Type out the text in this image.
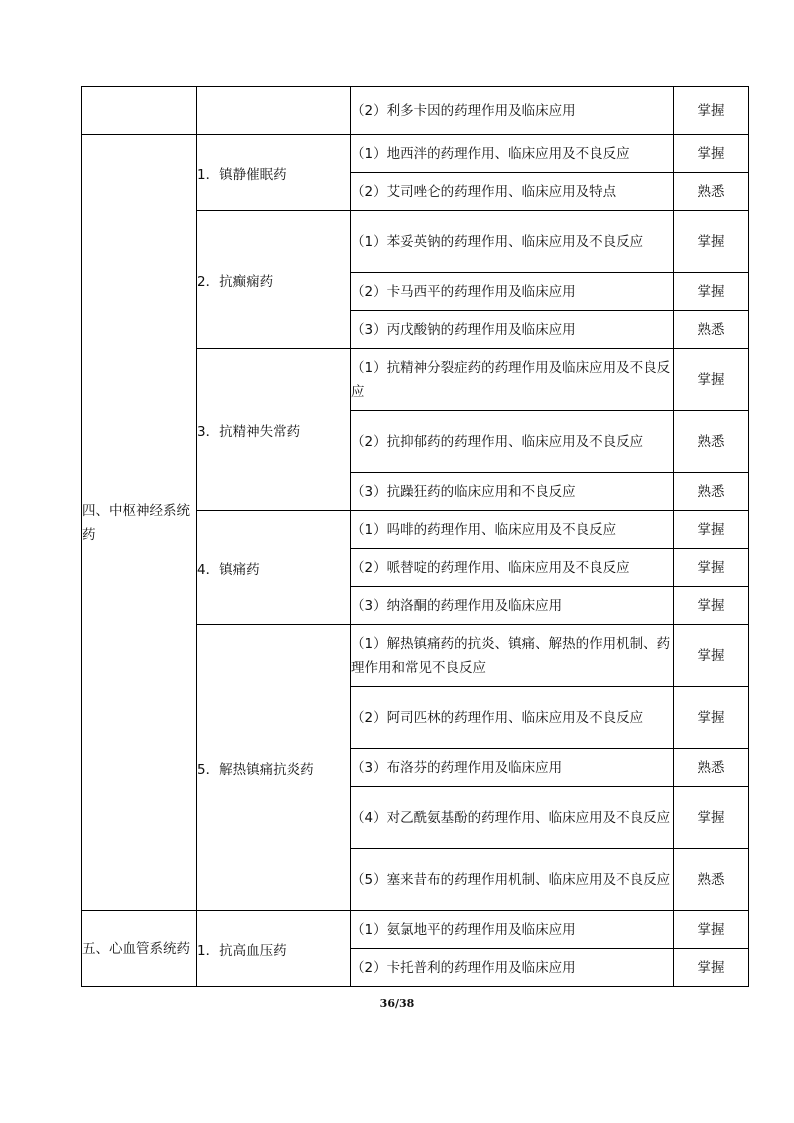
		（2）利多卡因的药理作用及临床应用	掌握
四、中枢神经系统药	1．镇静催眠药	（1）地西泮的药理作用、临床应用及不良反应	掌握
		（2）艾司唑仑的药理作用、临床应用及特点	熟悉
	2．抗癫痫药	（1）苯妥英钠的药理作用、临床应用及不良反应	掌握
		（2）卡马西平的药理作用及临床应用	掌握
		（3）丙戊酸钠的药理作用及临床应用	熟悉
	3．抗精神失常药	（1）抗精神分裂症药的药理作用及临床应用及不良反应	掌握
		（2）抗抑郁药的药理作用、临床应用及不良反应	熟悉
		（3）抗躁狂药的临床应用和不良反应	熟悉
	4．镇痛药	（1）吗啡的药理作用、临床应用及不良反应	掌握
		（2）哌替啶的药理作用、临床应用及不良反应	掌握
		（3）纳洛酮的药理作用及临床应用	掌握
	5．解热镇痛抗炎药	（1）解热镇痛药的抗炎、镇痛、解热的作用机制、药理作用和常见不良反应	掌握
		（2）阿司匹林的药理作用、临床应用及不良反应	掌握
		（3）布洛芬的药理作用及临床应用	熟悉
		（4）对乙酰氨基酚的药理作用、临床应用及不良反应	掌握
		（5）塞来昔布的药理作用机制、临床应用及不良反应	熟悉

五、心血管系统药	1．抗高血压药	（1）氨氯地平的药理作用及临床应用	掌握
		（2）卡托普利的药理作用及临床应用	掌握
36/38
